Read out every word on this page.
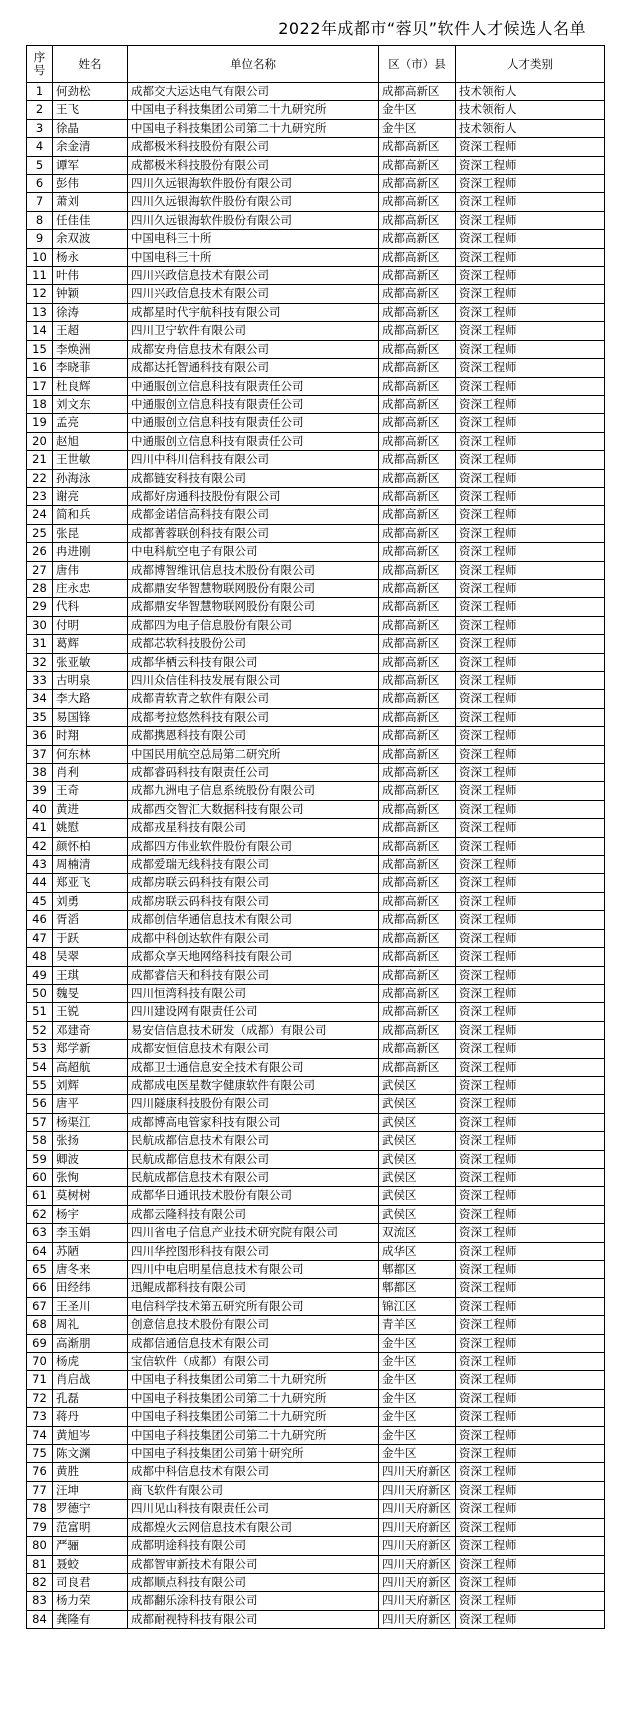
2022年成都市“蓉贝”软件人才候选人名单
序
号	姓名	单位名称	区（市）县	人才类别
1	何劲松	成都交大运达电气有限公司	成都高新区	技术领衔人
2	王飞	中国电子科技集团公司第二十九研究所	金牛区	技术领衔人
3	徐晶	中国电子科技集团公司第二十九研究所	金牛区	技术领衔人
4	余金清	成都极米科技股份有限公司	成都高新区	资深工程师
5	谭军	成都极米科技股份有限公司	成都高新区	资深工程师
6	彭伟	四川久远银海软件股份有限公司	成都高新区	资深工程师
7	萧刘	四川久远银海软件股份有限公司	成都高新区	资深工程师
8	任佳佳	四川久远银海软件股份有限公司	成都高新区	资深工程师
9	余双波	中国电科三十所	成都高新区	资深工程师
10	杨永	中国电科三十所	成都高新区	资深工程师
11	叶伟	四川兴政信息技术有限公司	成都高新区	资深工程师
12	钟颖	四川兴政信息技术有限公司	成都高新区	资深工程师
13	徐涛	成都星时代宇航科技有限公司	成都高新区	资深工程师
14	王超	四川卫宁软件有限公司	成都高新区	资深工程师
15	李焕洲	成都安舟信息技术有限公司	成都高新区	资深工程师
16	李晓菲	成都达托智通科技有限公司	成都高新区	资深工程师
17	杜良辉	中通服创立信息科技有限责任公司	成都高新区	资深工程师
18	刘文东	中通服创立信息科技有限责任公司	成都高新区	资深工程师
19	孟亮	中通服创立信息科技有限责任公司	成都高新区	资深工程师
20	赵旭	中通服创立信息科技有限责任公司	成都高新区	资深工程师
21	王世敏	四川中科川信科技有限公司	成都高新区	资深工程师
22	孙海泳	成都链安科技有限公司	成都高新区	资深工程师
23	谢亮	成都好房通科技股份有限公司	成都高新区	资深工程师
24	简和兵	成都金诺信高科技有限公司	成都高新区	资深工程师
25	张昆	成都菁蓉联创科技有限公司	成都高新区	资深工程师
26	冉进刚	中电科航空电子有限公司	成都高新区	资深工程师
27	唐伟	成都博智维讯信息技术股份有限公司	成都高新区	资深工程师
28	庄永忠	成都鼎安华智慧物联网股份有限公司	成都高新区	资深工程师
29	代科	成都鼎安华智慧物联网股份有限公司	成都高新区	资深工程师
30	付明	成都四为电子信息股份有限公司	成都高新区	资深工程师
31	葛辉	成都芯软科技股份公司	成都高新区	资深工程师
32	张亚敏	成都华栖云科技有限公司	成都高新区	资深工程师
33	古明泉	四川众信佳科技发展有限公司	成都高新区	资深工程师
34	李大路	成都青软青之软件有限公司	成都高新区	资深工程师
35	易国锋	成都考拉悠然科技有限公司	成都高新区	资深工程师
36	时翔	成都携恩科技有限公司	成都高新区	资深工程师
37	何东林	中国民用航空总局第二研究所	成都高新区	资深工程师
38	肖利	成都睿码科技有限责任公司	成都高新区	资深工程师
39	王奇	成都九洲电子信息系统股份有限公司	成都高新区	资深工程师
40	黄进	成都西交智汇大数据科技有限公司	成都高新区	资深工程师
41	姚慰	成都戎星科技有限公司	成都高新区	资深工程师
42	颜怀柏	成都四方伟业软件股份有限公司	成都高新区	资深工程师
43	周楠清	成都爱瑞无线科技有限公司	成都高新区	资深工程师
44	郑亚飞	成都房联云码科技有限公司	成都高新区	资深工程师
45	刘勇	成都房联云码科技有限公司	成都高新区	资深工程师
46	胥滔	成都创信华通信息技术有限公司	成都高新区	资深工程师
47	于跃	成都中科创达软件有限公司	成都高新区	资深工程师
48	吴翠	成都众享天地网络科技有限公司	成都高新区	资深工程师
49	王琪	成都睿信天和科技有限公司	成都高新区	资深工程师
50	魏旻	四川恒湾科技有限公司	成都高新区	资深工程师
51	王锐	四川建设网有限责任公司	成都高新区	资深工程师
52	邓建奇	易安信信息技术研发（成都）有限公司	成都高新区	资深工程师
53	郑学新	成都安恒信息技术有限公司	成都高新区	资深工程师
54	高超航	成都卫士通信息安全技术有限公司	成都高新区	资深工程师
55	刘辉	成都成电医星数字健康软件有限公司	武侯区	资深工程师
56	唐平	四川隧康科技股份有限公司	武侯区	资深工程师
57	杨渠江	成都博高电管家科技有限公司	武侯区	资深工程师
58	张扬	民航成都信息技术有限公司	武侯区	资深工程师
59	卿波	民航成都信息技术有限公司	武侯区	资深工程师
60	张恂	民航成都信息技术有限公司	武侯区	资深工程师
61	莫树树	成都华日通讯技术股份有限公司	武侯区	资深工程师
62	杨宇	成都云隆科技有限公司	武侯区	资深工程师
63	李玉娟	四川省电子信息产业技术研究院有限公司	双流区	资深工程师
64	苏陋	四川华控图形科技有限公司	成华区	资深工程师
65	唐冬来	四川中电启明星信息技术有限公司	郫都区	资深工程师
66	田经纬	迅鲲成都科技有限公司	郫都区	资深工程师
67	王圣川	电信科学技术第五研究所有限公司	锦江区	资深工程师
68	周礼	创意信息技术股份有限公司	青羊区	资深工程师
69	高渐朋	成都信通信息技术有限公司	金牛区	资深工程师
70	杨虎	宝信软件（成都）有限公司	金牛区	资深工程师
71	肖启战	中国电子科技集团公司第二十九研究所	金牛区	资深工程师
72	孔磊	中国电子科技集团公司第二十九研究所	金牛区	资深工程师
73	蒋丹	中国电子科技集团公司第二十九研究所	金牛区	资深工程师
74	黄旭岑	中国电子科技集团公司第二十九研究所	金牛区	资深工程师
75	陈文渊	中国电子科技集团公司第十研究所	金牛区	资深工程师
76	黄胜	成都中科信息技术有限公司	四川天府新区	资深工程师
77	汪坤	商飞软件有限公司	四川天府新区	资深工程师
78	罗德宁	四川见山科技有限责任公司	四川天府新区	资深工程师
79	范富明	成都煌火云网信息技术有限公司	四川天府新区	资深工程师
80	严骊	成都明途科技有限公司	四川天府新区	资深工程师
81	聂蛟	成都智审新技术有限公司	四川天府新区	资深工程师
82	司良君	成都顺点科技有限公司	四川天府新区	资深工程师
83	杨力荣	成都翻乐涂科技有限公司	四川天府新区	资深工程师
84	龚隆有	成都耐视特科技有限公司	四川天府新区	资深工程师
